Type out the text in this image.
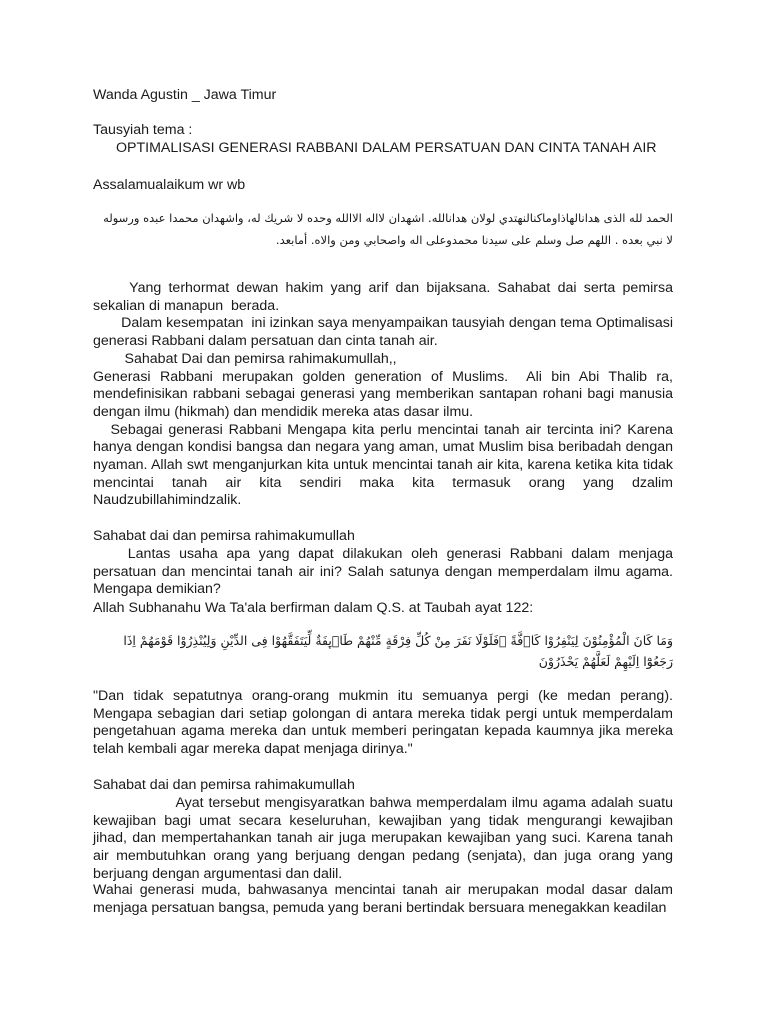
Wanda Agustin _ Jawa Timur

Tausyiah tema :

OPTIMALISASI GENERASI RABBANI DALAM PERSATUAN DAN CINTA TANAH AIR

Assalamualaikum wr wb

الحمد لله الذى هدانالهاذاوماكنالنهتدي لولان هدانالله. اشهدان لااله الاالله وحده لا شريك له، واشهدان محمدا عبده ورسوله لا نبي بعده . اللهم صل وسلم على سيدنا محمدوعلى اله واصحابي ومن والاه. أمابعد.

Yang terhormat dewan hakim yang arif dan bijaksana. Sahabat dai serta pemirsa sekalian di manapun  berada.
Dalam kesempatan  ini izinkan saya menyampaikan tausyiah dengan tema Optimalisasi generasi Rabbani dalam persatuan dan cinta tanah air.
Sahabat Dai dan pemirsa rahimakumullah,,
Generasi Rabbani merupakan golden generation of Muslims.  Ali bin Abi Thalib ra, mendefinisikan rabbani sebagai generasi yang memberikan santapan rohani bagi manusia dengan ilmu (hikmah) dan mendidik mereka atas dasar ilmu.
Sebagai generasi Rabbani Mengapa kita perlu mencintai tanah air tercinta ini? Karena hanya dengan kondisi bangsa dan negara yang aman, umat Muslim bisa beribadah dengan nyaman. Allah swt menganjurkan kita untuk mencintai tanah air kita, karena ketika kita tidak mencintai tanah air kita sendiri maka kita termasuk orang yang dzalim Naudzubillahimindzalik.

Sahabat dai dan pemirsa rahimakumullah

Lantas usaha apa yang dapat dilakukan oleh generasi Rabbani dalam menjaga persatuan dan mencintai tanah air ini? Salah satunya dengan memperdalam ilmu agama. Mengapa demikian?

Allah Subhanahu Wa Ta'ala berfirman dalam Q.S. at Taubah ayat 122:

وَمَا كَانَ الْمُؤْمِنُوْنَ لِيَنْفِرُوْا كَاۤفَّةً ۗفَلَوْلَا نَفَرَ مِنْ كُلِّ فِرْقَةٍ مِّنْهُمْ طَاۤىِٕفَةٌ لِّيَتَفَقَّهُوْا فِى الدِّيْنِ وَلِيُنْذِرُوْا قَوْمَهُمْ اِذَا رَجَعُوْٓا اِلَيْهِمْ لَعَلَّهُمْ يَحْذَرُوْنَ

"Dan tidak sepatutnya orang-orang mukmin itu semuanya pergi (ke medan perang). Mengapa sebagian dari setiap golongan di antara mereka tidak pergi untuk memperdalam pengetahuan agama mereka dan untuk memberi peringatan kepada kaumnya jika mereka telah kembali agar mereka dapat menjaga dirinya."

Sahabat dai dan pemirsa rahimakumullah

Ayat tersebut mengisyaratkan bahwa memperdalam ilmu agama adalah suatu kewajiban bagi umat secara keseluruhan, kewajiban yang tidak mengurangi kewajiban jihad, dan mempertahankan tanah air juga merupakan kewajiban yang suci. Karena tanah air membutuhkan orang yang berjuang dengan pedang (senjata), dan juga orang yang berjuang dengan argumentasi dan dalil.

Wahai generasi muda, bahwasanya mencintai tanah air merupakan modal dasar dalam menjaga persatuan bangsa, pemuda yang berani bertindak bersuara menegakkan keadilan
